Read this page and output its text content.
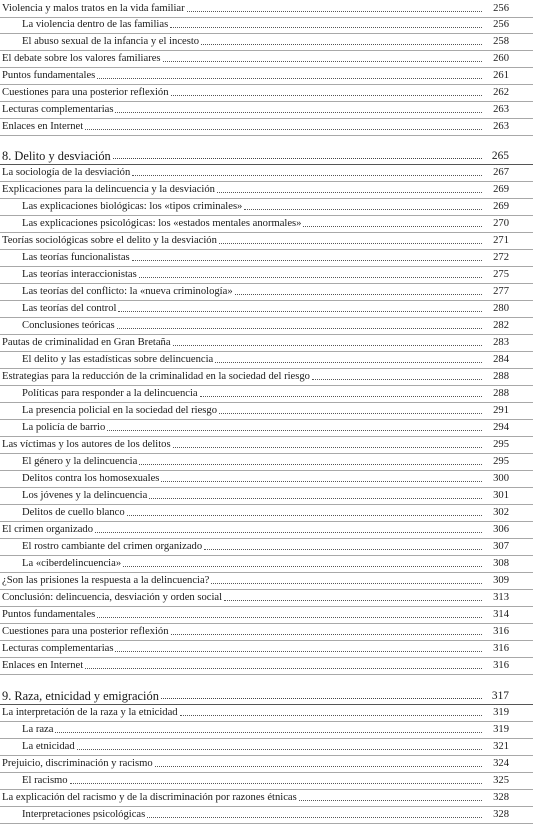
Violencia y malos tratos en la vida familiar	256
La violencia dentro de las familias	256
El abuso sexual de la infancia y el incesto	258
El debate sobre los valores familiares	260
Puntos fundamentales	261
Cuestiones para una posterior reflexión	262
Lecturas complementarias	263
Enlaces en Internet	263
8. Delito y desviación	265
La sociología de la desviación	267
Explicaciones para la delincuencia y la desviación	269
Las explicaciones biológicas: los «tipos criminales»	269
Las explicaciones psicológicas: los «estados mentales anormales»	270
Teorías sociológicas sobre el delito y la desviación	271
Las teorías funcionalistas	272
Las teorías interaccionistas	275
Las teorías del conflicto: la «nueva criminología»	277
Las teorías del control	280
Conclusiones teóricas	282
Pautas de criminalidad en Gran Bretaña	283
El delito y las estadísticas sobre delincuencia	284
Estrategias para la reducción de la criminalidad en la sociedad del riesgo	288
Políticas para responder a la delincuencia	288
La presencia policial en la sociedad del riesgo	291
La policía de barrio	294
Las víctimas y los autores de los delitos	295
El género y la delincuencia	295
Delitos contra los homosexuales	300
Los jóvenes y la delincuencia	301
Delitos de cuello blanco	302
El crimen organizado	306
El rostro cambiante del crimen organizado	307
La «ciberdelincuencia»	308
¿Son las prisiones la respuesta a la delincuencia?	309
Conclusión: delincuencia, desviación y orden social	313
Puntos fundamentales	314
Cuestiones para una posterior reflexión	316
Lecturas complementarias	316
Enlaces en Internet	316
9. Raza, etnicidad y emigración	317
La interpretación de la raza y la etnicidad	319
La raza	319
La etnicidad	321
Prejuicio, discriminación y racismo	324
El racismo	325
La explicación del racismo y de la discriminación por razones étnicas	328
Interpretaciones psicológicas	328
